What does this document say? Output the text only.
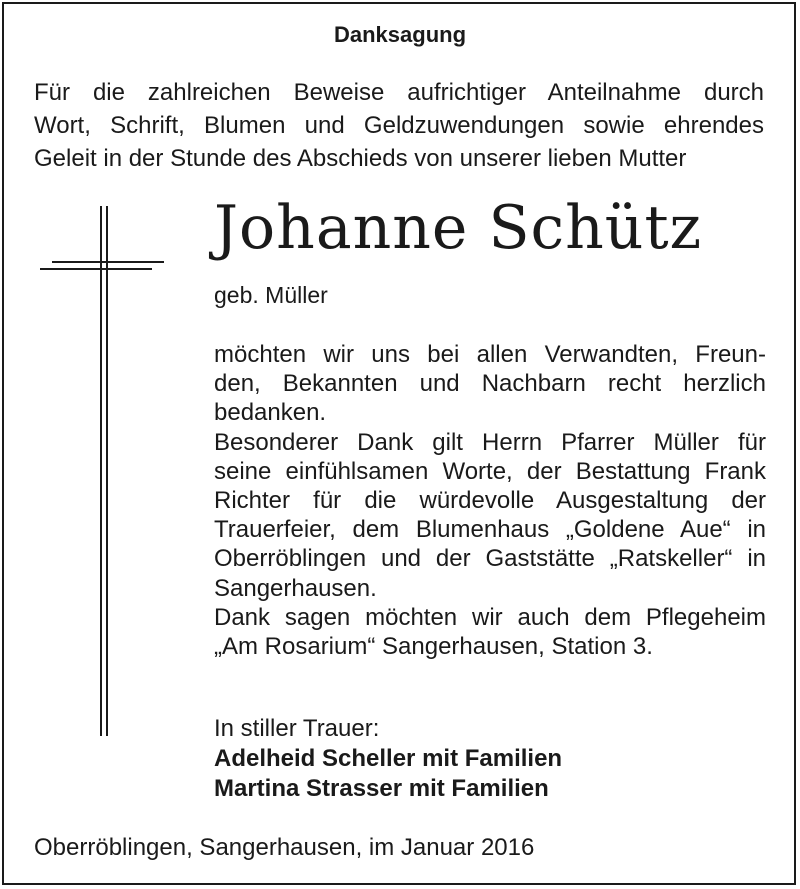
Danksagung
Für die zahlreichen Beweise aufrichtiger Anteilnahme durch
Wort, Schrift, Blumen und Geldzuwendungen sowie ehrendes
Geleit in der Stunde des Abschieds von unserer lieben Mutter
Johanne Schütz
geb. Müller
möchten wir uns bei allen Verwandten, Freun-
den, Bekannten und Nachbarn recht herzlich
bedanken.
Besonderer Dank gilt Herrn Pfarrer Müller für
seine einfühlsamen Worte, der Bestattung Frank
Richter für die würdevolle Ausgestaltung der
Trauerfeier, dem Blumenhaus „Goldene Aue“ in
Oberröblingen und der Gaststätte „Ratskeller“ in
Sangerhausen.
Dank sagen möchten wir auch dem Pflegeheim
„Am Rosarium“ Sangerhausen, Station 3.
In stiller Trauer:
Adelheid Scheller mit Familien
Martina Strasser mit Familien
Oberröblingen, Sangerhausen, im Januar 2016
